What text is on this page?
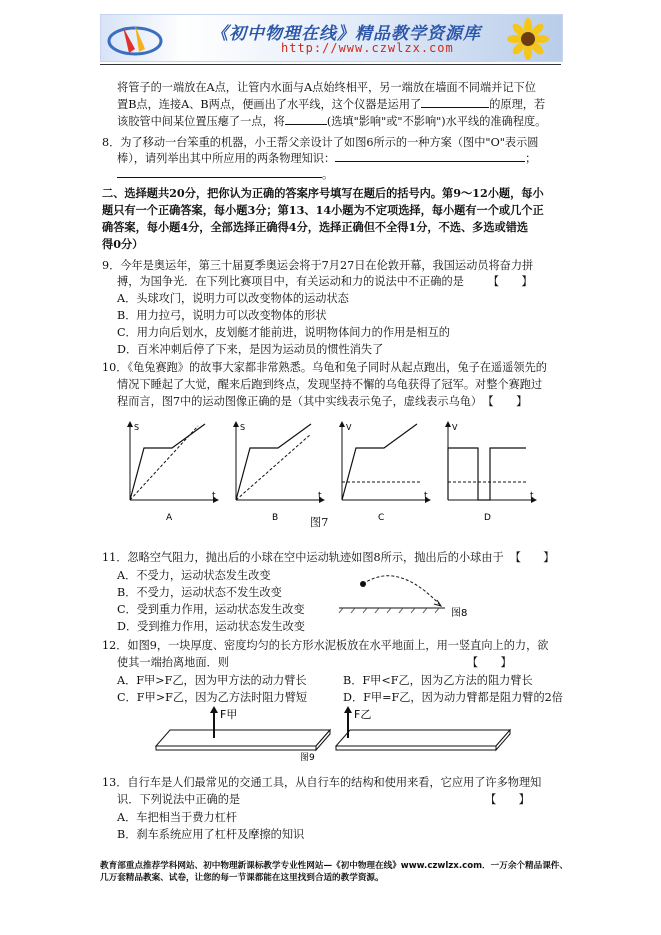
《初中物理在线》精品教学资源库
http://www.czwlzx.com
将管子的一端放在A点，让管内水面与A点始终相平，另一端放在墙面不同端并记下位
置B点，连接A、B两点，便画出了水平线，这个仪器是运用了	的原理，若
该胶管中间某位置压瘪了一点，将	(选填"影响"或"不影响")水平线的准确程度。
8．为了移动一台笨重的机器，小王帮父亲设计了如图6所示的一种方案（图中"O"表示圆
棒），请列举出其中所应用的两条物理知识：	；
。
二、选择题共20分，把你认为正确的答案序号填写在题后的括号内。第9～12小题，每小
题只有一个正确答案，每小题3分；第13、14小题为不定项选择，每小题有一个或几个正
确答案，每小题4分，全部选择正确得4分，选择正确但不全得1分，不选、多选或错选
得0分）
9．今年是奥运年，第三十届夏季奥运会将于7月27日在伦敦开幕，我国运动员将奋力拼
搏，为国争光．在下列比赛项目中，有关运动和力的说法中不正确的是 【　　】
A．头球攻门，说明力可以改变物体的运动状态
B．用力拉弓，说明力可以改变物体的形状
C．用力向后划水，皮划艇才能前进，说明物体间力的作用是相互的
D．百米冲刺后停了下来，是因为运动员的惯性消失了
10．《龟兔赛跑》的故事大家都非常熟悉。乌龟和兔子同时从起点跑出，兔子在遥遥领先的
情况下睡起了大觉，醒来后跑到终点，发现坚持不懈的乌龟获得了冠军。对整个赛跑过
程而言，图7中的运动图像正确的是（其中实线表示兔子，虚线表示乌龟） 【　　】
S
t
A
S
t
B
V
t
C
V
t
D
图7
11．忽略空气阻力，抛出后的小球在空中运动轨迹如图8所示，抛出后的小球由于 【　　】
A．不受力，运动状态发生改变
B．不受力，运动状态不发生改变
C．受到重力作用，运动状态发生改变
D．受到推力作用，运动状态发生改变
图8
12．如图9，一块厚度、密度均匀的长方形水泥板放在水平地面上，用一竖直向上的力，欲
使其一端抬离地面．则	【　　】
A．F甲>F乙，因为甲方法的动力臂长	B．F甲<F乙，因为乙方法的阻力臂长
C．F甲>F乙，因为乙方法时阻力臂短	D．F甲=F乙，因为动力臂都是阻力臂的2倍
F甲	F乙
图9
13．自行车是人们最常见的交通工具，从自行车的结构和使用来看，它应用了许多物理知
识．下列说法中正确的是	【　　】
A．车把相当于费力杠杆
B．刹车系统应用了杠杆及摩擦的知识
教育部重点推荐学科网站、初中物理新课标教学专业性网站—《初中物理在线》www.czwlzx.com．一万余个精品课件、几万套精品教案、试卷，让您的每一节课都能在这里找到合适的教学资源。
